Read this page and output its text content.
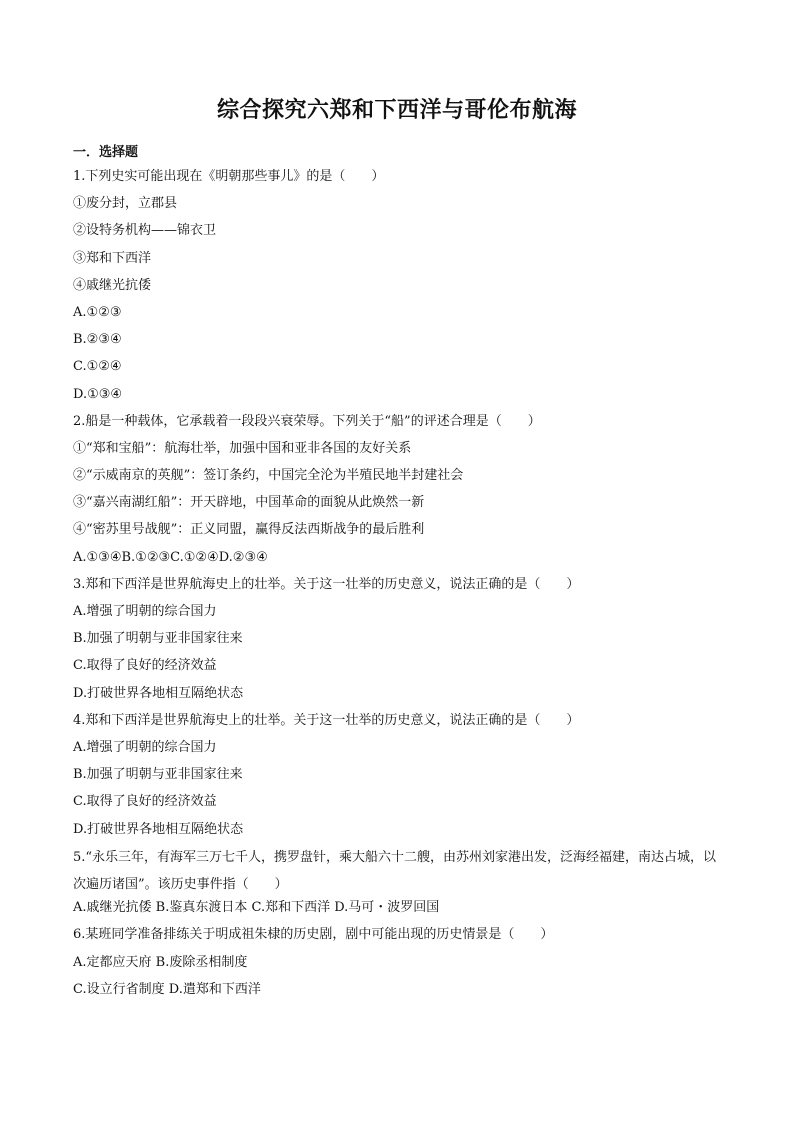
综合探究六郑和下西洋与哥伦布航海
一．选择题
1.下列史实可能出现在《明朝那些事儿》的是（　　）
①废分封，立郡县
②设特务机构——锦衣卫
③郑和下西洋
④戚继光抗倭
A.①②③
B.②③④
C.①②④
D.①③④
2.船是一种载体，它承载着一段段兴衰荣辱。下列关于“船”的评述合理是（　　）
①“郑和宝船”：航海壮举，加强中国和亚非各国的友好关系
②“示威南京的英舰”：签订条约，中国完全沦为半殖民地半封建社会
③“嘉兴南湖红船”：开天辟地，中国革命的面貌从此焕然一新
④“密苏里号战舰”：正义同盟，赢得反法西斯战争的最后胜利
A.①③④B.①②③C.①②④D.②③④
3.郑和下西洋是世界航海史上的壮举。关于这一壮举的历史意义，说法正确的是（　　）
A.增强了明朝的综合国力
B.加强了明朝与亚非国家往来
C.取得了良好的经济效益
D.打破世界各地相互隔绝状态
4.郑和下西洋是世界航海史上的壮举。关于这一壮举的历史意义，说法正确的是（　　）
A.增强了明朝的综合国力
B.加强了明朝与亚非国家往来
C.取得了良好的经济效益
D.打破世界各地相互隔绝状态
5.“永乐三年，有海军三万七千人，携罗盘针，乘大船六十二艘，由苏州刘家港出发，泛海经福建，南达占城，以次遍历诸国”。该历史事件指（　　）
A.戚继光抗倭 B.鉴真东渡日本 C.郑和下西洋 D.马可・波罗回国
6.某班同学准备排练关于明成祖朱棣的历史剧，剧中可能出现的历史情景是（　　）
A.定都应天府 B.废除丞相制度
C.设立行省制度 D.遣郑和下西洋
